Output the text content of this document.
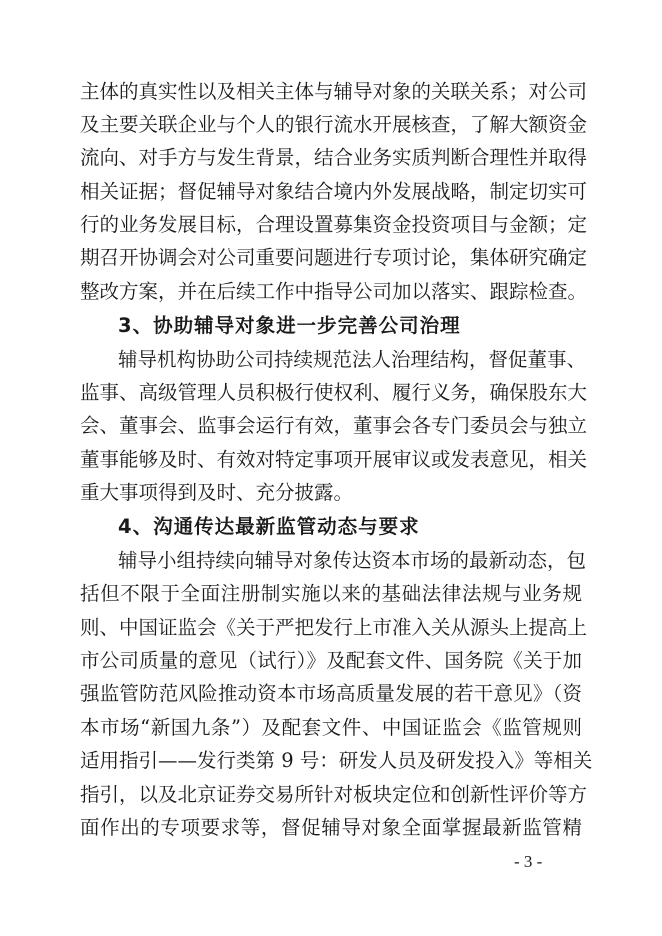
主体的真实性以及相关主体与辅导对象的关联关系；对公司
及主要关联企业与个人的银行流水开展核查，了解大额资金
流向、对手方与发生背景，结合业务实质判断合理性并取得
相关证据；督促辅导对象结合境内外发展战略，制定切实可
行的业务发展目标，合理设置募集资金投资项目与金额；定
期召开协调会对公司重要问题进行专项讨论，集体研究确定
整改方案，并在后续工作中指导公司加以落实、跟踪检查。
3、协助辅导对象进一步完善公司治理
辅导机构协助公司持续规范法人治理结构，督促董事、
监事、高级管理人员积极行使权利、履行义务，确保股东大
会、董事会、监事会运行有效，董事会各专门委员会与独立
董事能够及时、有效对特定事项开展审议或发表意见，相关
重大事项得到及时、充分披露。
4、沟通传达最新监管动态与要求
辅导小组持续向辅导对象传达资本市场的最新动态，包
括但不限于全面注册制实施以来的基础法律法规与业务规
则、中国证监会《关于严把发行上市准入关从源头上提高上
市公司质量的意见（试行）》及配套文件、国务院《关于加
强监管防范风险推动资本市场高质量发展的若干意见》（资
本市场“新国九条”）及配套文件、中国证监会《监管规则
适用指引——发行类第 9 号：研发人员及研发投入》等相关
指引，以及北京证券交易所针对板块定位和创新性评价等方
面作出的专项要求等，督促辅导对象全面掌握最新监管精
- 3 -
